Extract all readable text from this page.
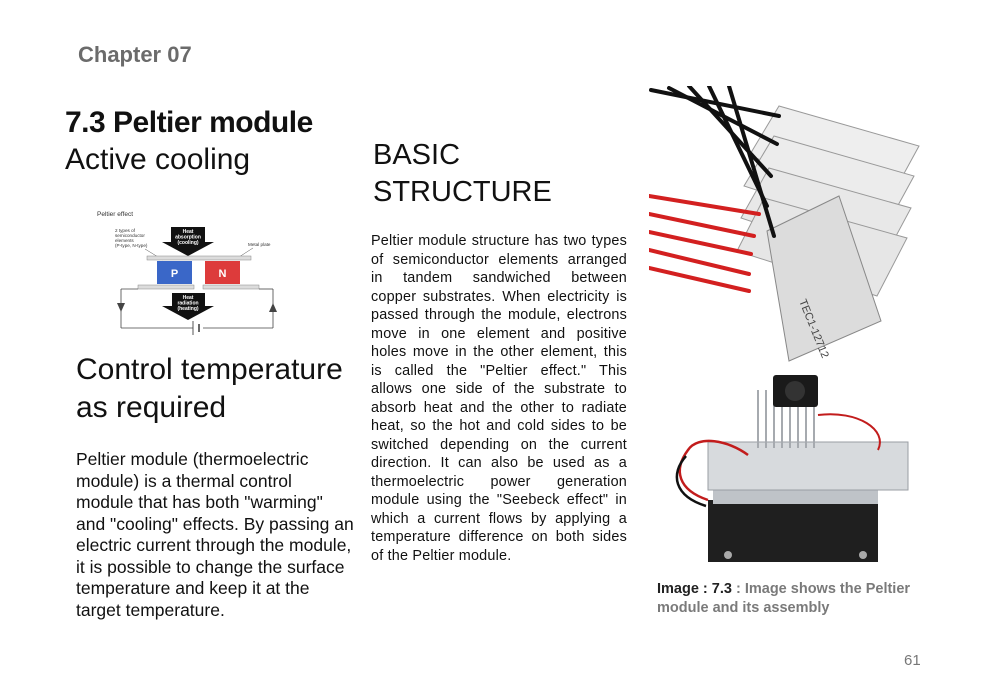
Chapter 07
7.3 Peltier module
Active cooling
Peltier effect
2 types of
semiconductor
elements
(P-type, N-type)
Heat
absorption
(cooling)	Metal plate
P	N
Heat
radiation
(heating)
Control temperature
as required
Peltier module (thermoelectric module) is a thermal control module that has both "warming" and "cooling" effects. By passing an electric current through the module, it is possible to change the surface temperature and keep it at the target temperature.
BASIC
STRUCTURE
Peltier module structure has two types of semiconductor elements arranged in tandem sandwiched between copper substrates. When electricity is passed through the module, electrons move in one element and positive holes move in the other element, this is called the "Peltier effect." This allows one side of the substrate to absorb heat and the other to radiate heat, so the hot and cold sides to be switched depending on the current direction. It can also be used as a thermoelectric power generation module using the "Seebeck effect" in which a current flows by applying a temperature difference on both sides of the Peltier module.
TEC1-12712
Image : 7.3 : Image shows the Peltier module and its assembly
61
